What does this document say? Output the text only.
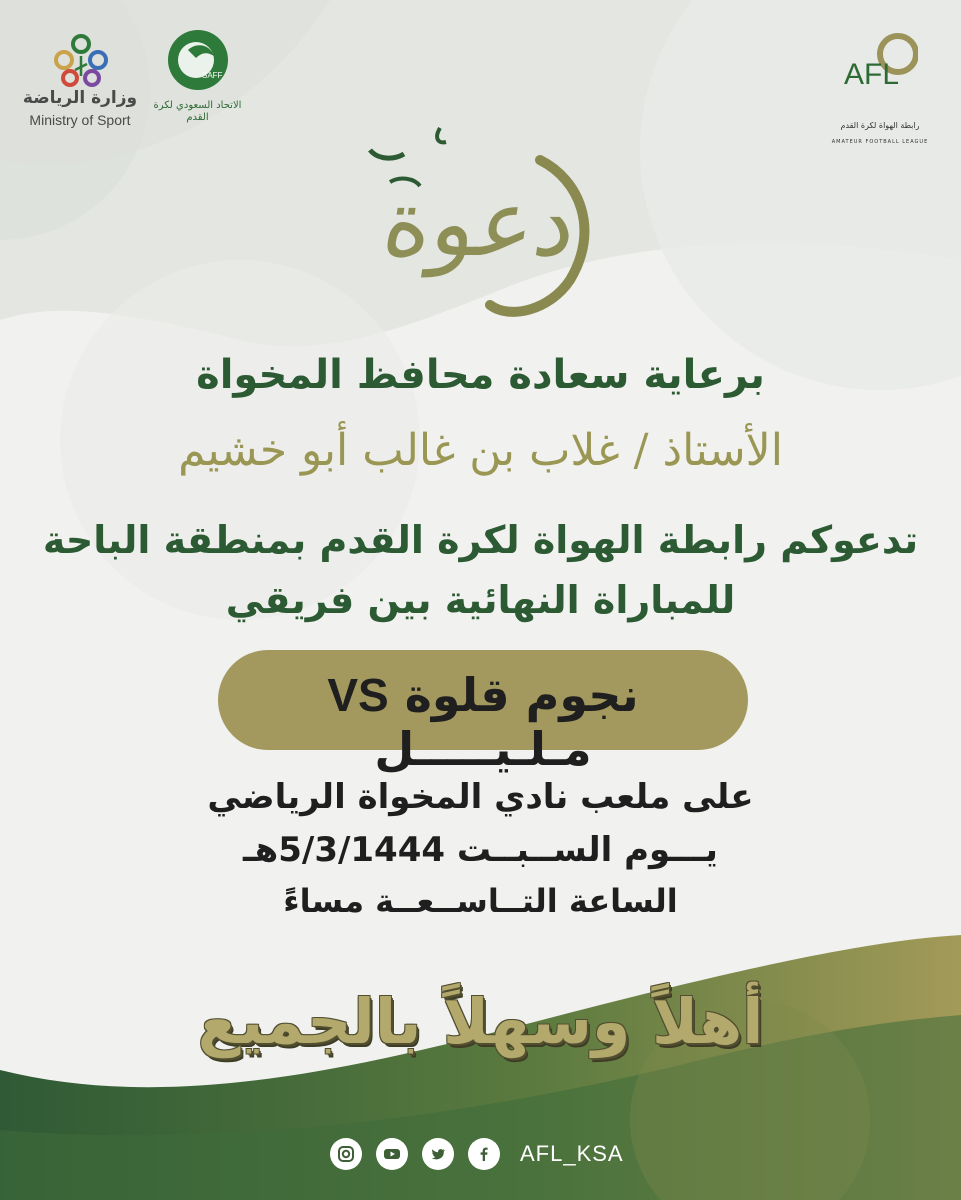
AFL
رابطة الهواة لكرة القدم
AMATEUR FOOTBALL LEAGUE
SAFF
الاتحاد السعودي لكرة القدم
وزارة الرياضة
Ministry of Sport
دعوة
برعاية سعادة محافظ المخواة
الأستاذ / غلاب بن غالب أبو خشيم
تدعوكم رابطة الهواة لكرة القدم بمنطقة الباحة
للمباراة النهائية بين فريقي
نجوم قلوة VS مـلـيـــــل
على ملعب نادي المخواة الرياضي
يـــوم الســبــت 5/3/1444هـ
الساعة التــاســعــة مساءً
أهلاً وسهلاً بالجميع
AFL_KSA
